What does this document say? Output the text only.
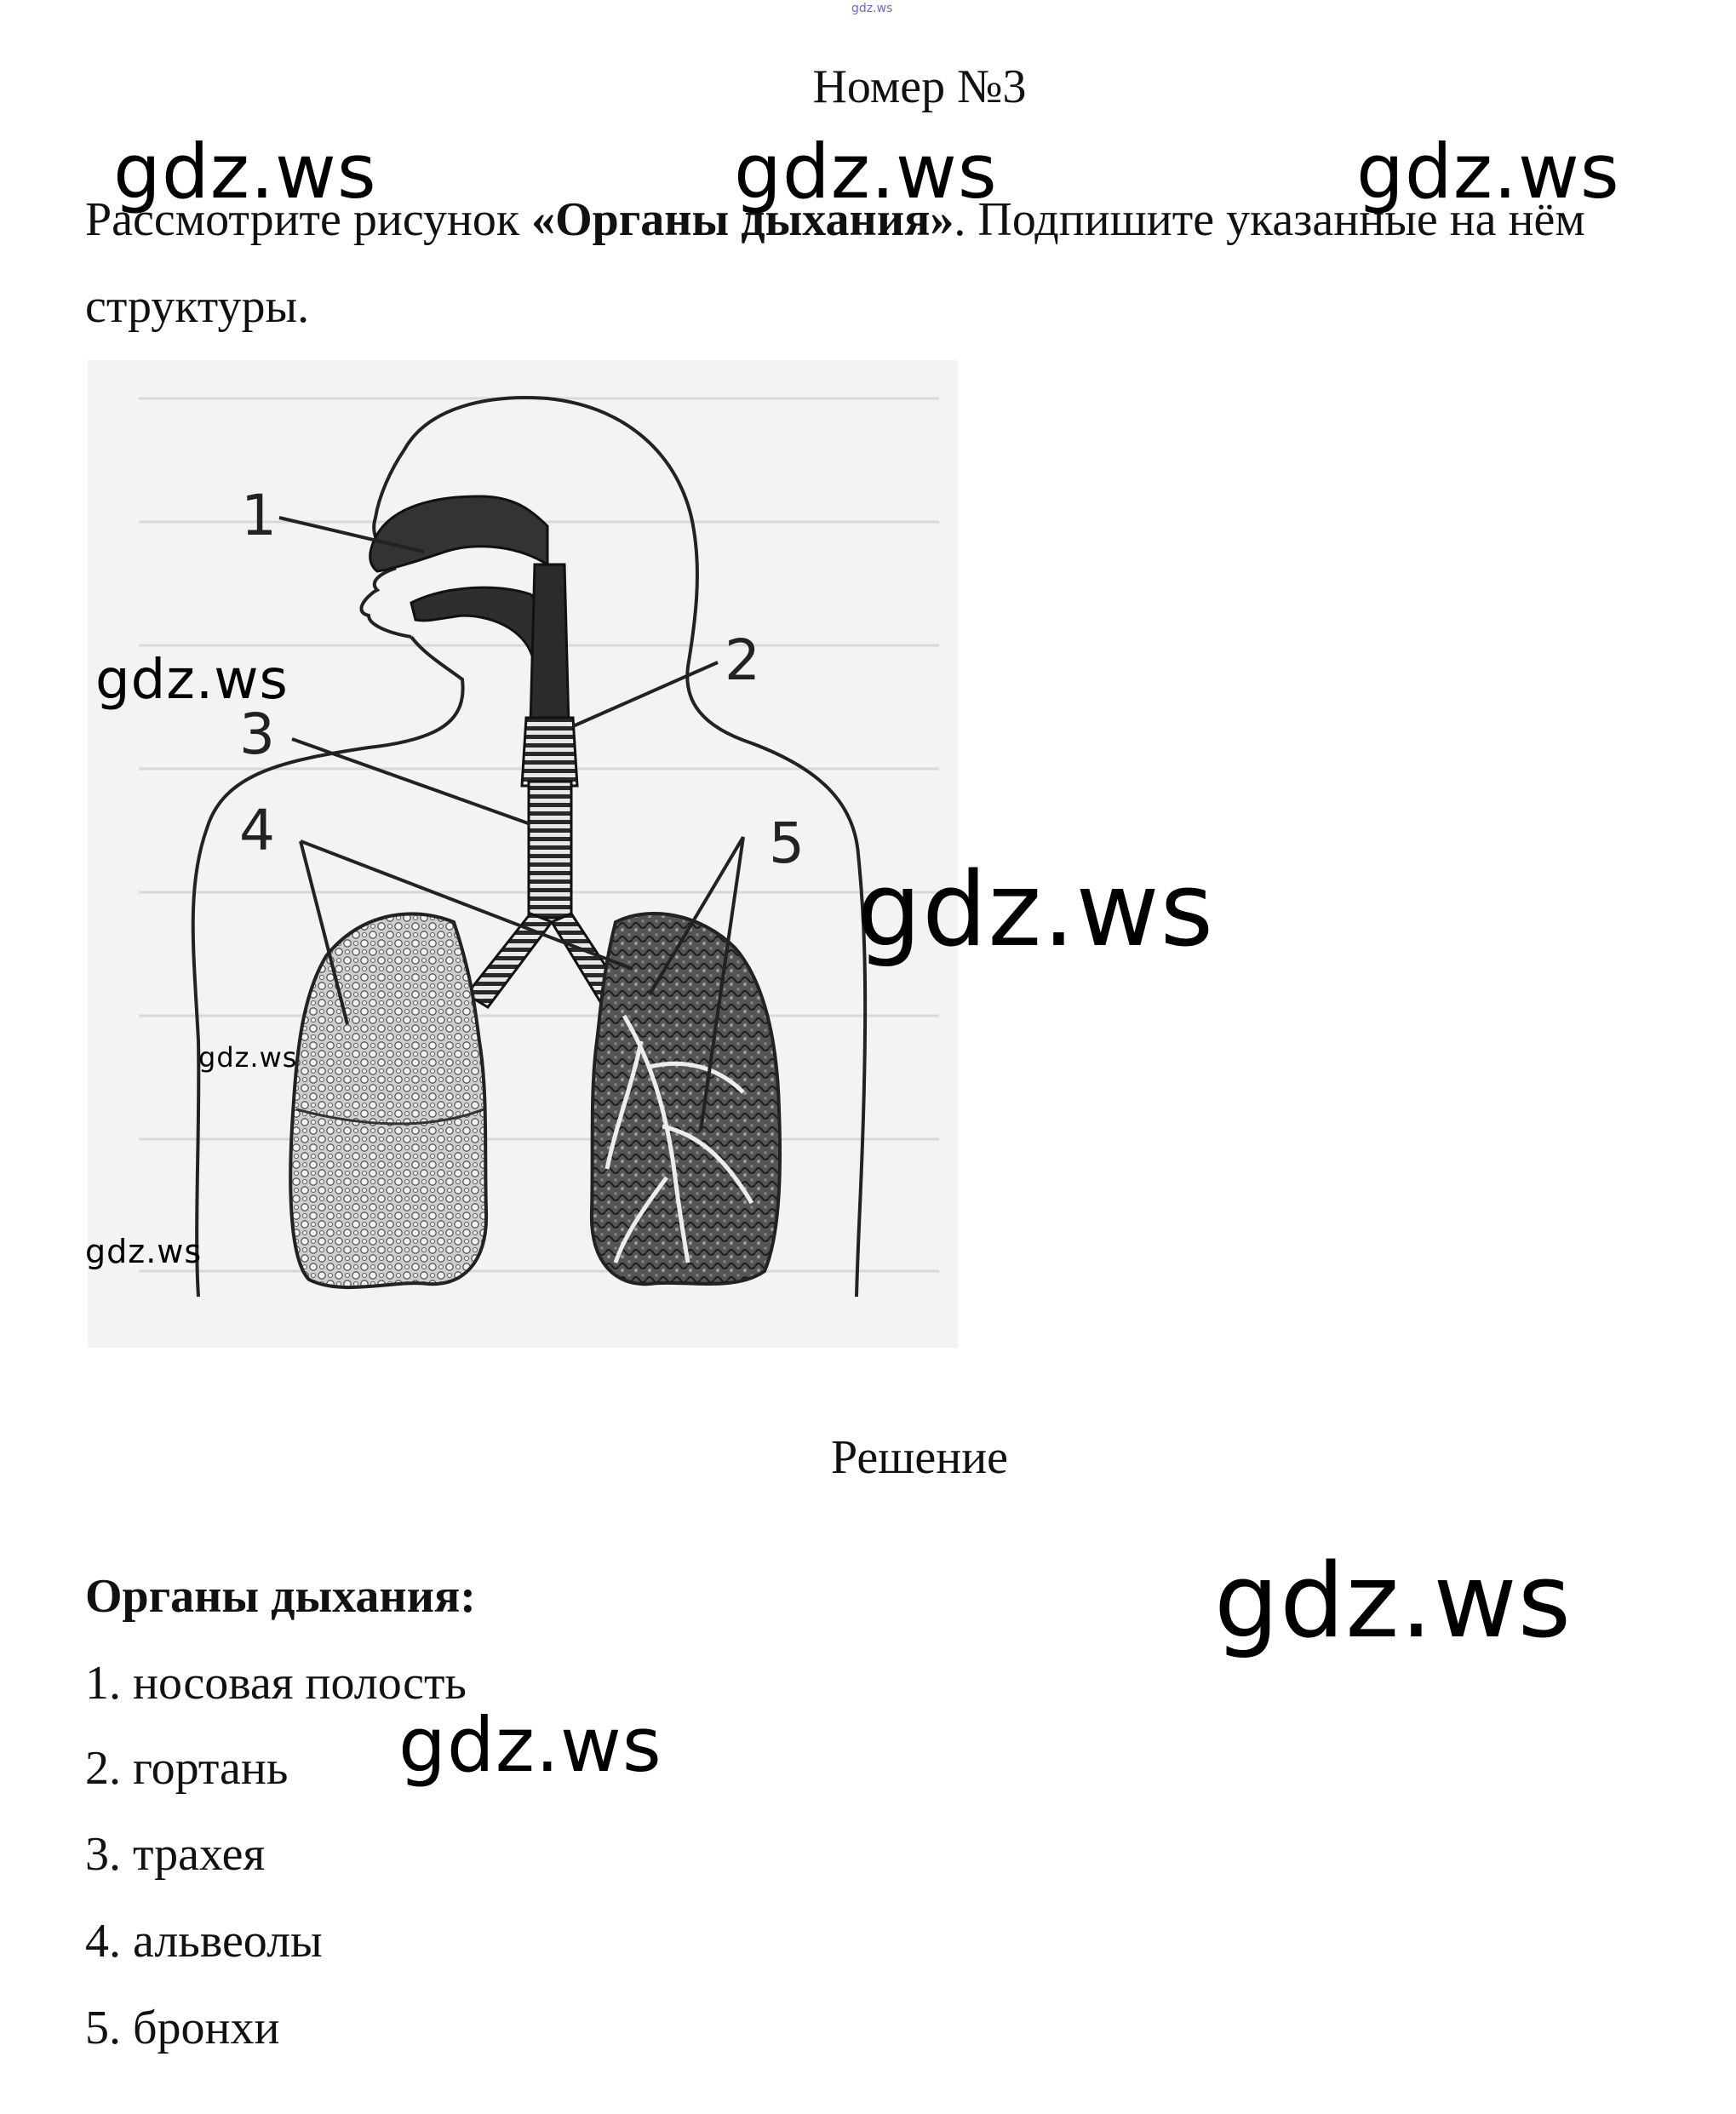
gdz.ws
Номер №3
Рассмотрите рисунок «Органы дыхания». Подпишите указанные на нём
структуры.
1
2
3
4	5
Решение
Органы дыхания:
1. носовая полость
2. гортань
3. трахея
4. альвеолы
5. бронхи
gdz.ws	gdz.ws	gdz.ws
gdz.ws
gdz.ws
gdz.ws
gdz.ws
gdz.ws
gdz.ws
